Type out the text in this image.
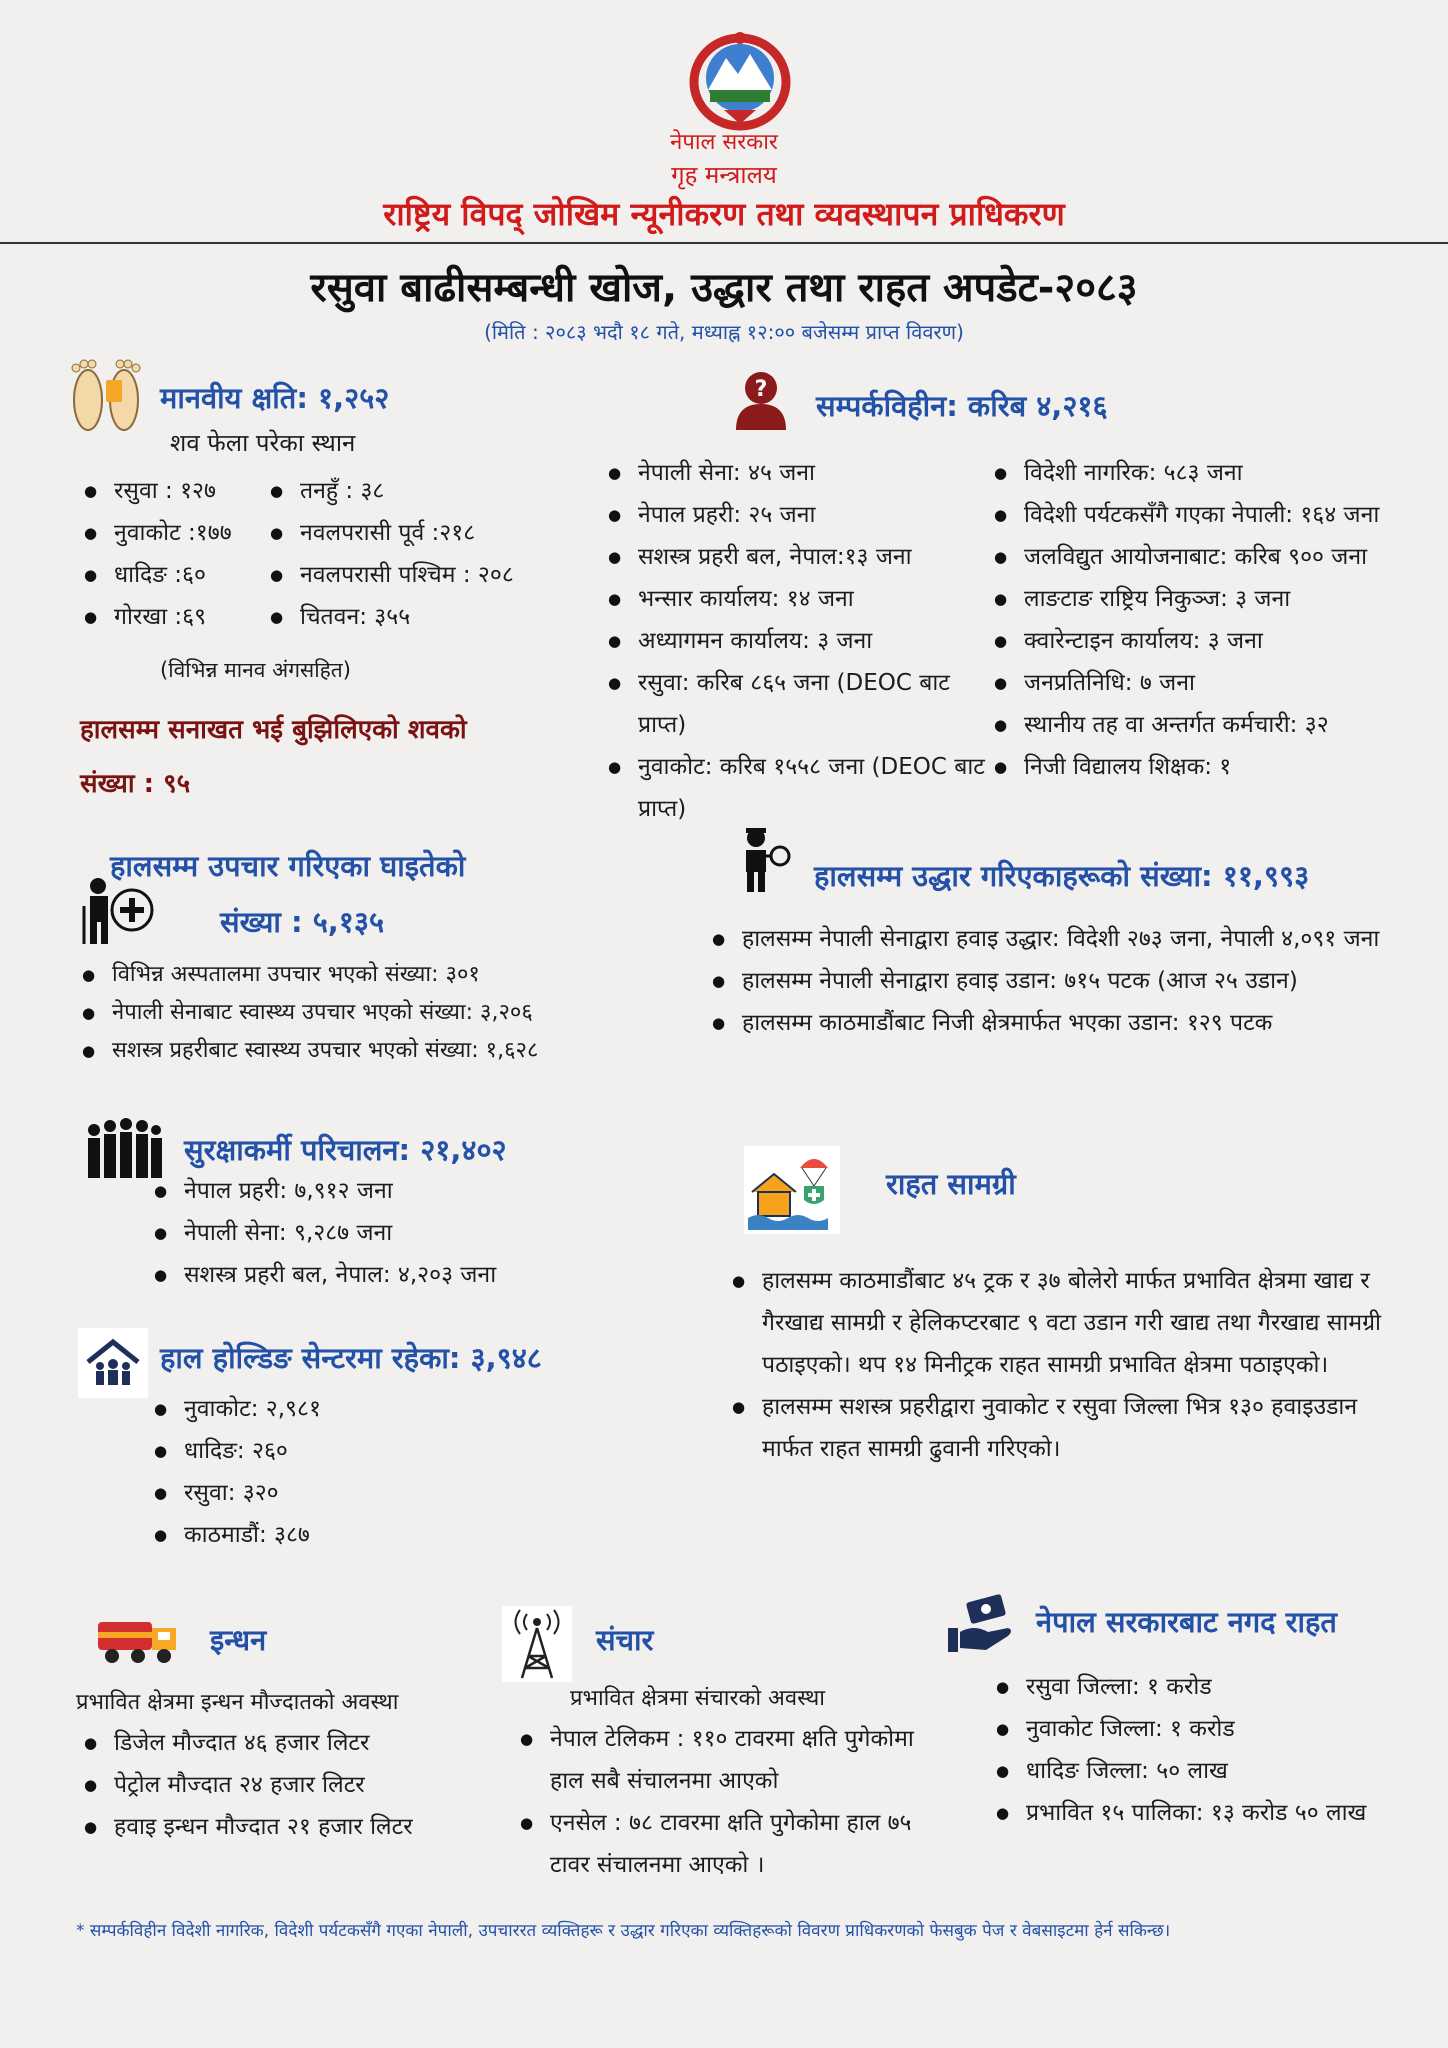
नेपाल सरकार
गृह मन्त्रालय
राष्ट्रिय विपद् जोखिम न्यूनीकरण तथा व्यवस्थापन प्राधिकरण
रसुवा बाढीसम्बन्धी खोज, उद्धार तथा राहत अपडेट-२०८३
(मिति : २०८३ भदौ १८ गते, मध्याह्न १२:०० बजेसम्म प्राप्त विवरण)
मानवीय क्षति: १,२५२
शव फेला परेका स्थान
● रसुवा : १२७
● नुवाकोट :१७७
● धादिङ :६०
● गोरखा :६९
● तनहुँ : ३८
● नवलपरासी पूर्व :२१८
● नवलपरासी पश्चिम : २०८
● चितवन: ३५५
(विभिन्न मानव अंगसहित)
हालसम्म सनाखत भई बुझिलिएको शवको
संख्या : ९५
? सम्पर्कविहीन: करिब ४,२१६
● नेपाली सेना: ४५ जना
● नेपाल प्रहरी: २५ जना
● सशस्त्र प्रहरी बल, नेपाल:१३ जना
● भन्सार कार्यालय: १४ जना
● अध्यागमन कार्यालय: ३ जना
● रसुवा: करिब ८६५ जना (DEOC बाट प्राप्त)
● नुवाकोट: करिब १५५८ जना (DEOC बाट प्राप्त)
● विदेशी नागरिक: ५८३ जना
● विदेशी पर्यटकसँगै गएका नेपाली: १६४ जना
● जलविद्युत आयोजनाबाट: करिब ९०० जना
● लाङटाङ राष्ट्रिय निकुञ्ज: ३ जना
● क्वारेन्टाइन कार्यालय: ३ जना
● जनप्रतिनिधि: ७ जना
● स्थानीय तह वा अन्तर्गत कर्मचारी: ३२
● निजी विद्यालय शिक्षक: १
हालसम्म उपचार गरिएका घाइतेको
संख्या : ५,१३५
● विभिन्न अस्पतालमा उपचार भएको संख्या: ३०१
● नेपाली सेनाबाट स्वास्थ्य उपचार भएको संख्या: ३,२०६
● सशस्त्र प्रहरीबाट स्वास्थ्य उपचार भएको संख्या: १,६२८
हालसम्म उद्धार गरिएकाहरूको संख्या: ११,९९३
● हालसम्म नेपाली सेनाद्वारा हवाइ उद्धार: विदेशी २७३ जना, नेपाली ४,०९१ जना
● हालसम्म नेपाली सेनाद्वारा हवाइ उडान: ७१५ पटक (आज २५ उडान)
● हालसम्म काठमाडौंबाट निजी क्षेत्रमार्फत भएका उडान: १२९ पटक
सुरक्षाकर्मी परिचालन: २१,४०२
● नेपाल प्रहरी: ७,९१२ जना
● नेपाली सेना: ९,२८७ जना
● सशस्त्र प्रहरी बल, नेपाल: ४,२०३ जना
हाल होल्डिङ सेन्टरमा रहेका: ३,९४८
● नुवाकोट: २,९८१
● धादिङ: २६०
● रसुवा: ३२०
● काठमाडौं: ३८७
राहत सामग्री
● हालसम्म काठमाडौंबाट ४५ ट्रक र ३७ बोलेरो मार्फत प्रभावित क्षेत्रमा खाद्य र गैरखाद्य सामग्री र हेलिकप्टरबाट ९ वटा उडान गरी खाद्य तथा गैरखाद्य सामग्री पठाइएको। थप १४ मिनीट्रक राहत सामग्री प्रभावित क्षेत्रमा पठाइएको।
● हालसम्म सशस्त्र प्रहरीद्वारा नुवाकोट र रसुवा जिल्ला भित्र १३० हवाइउडान मार्फत राहत सामग्री ढुवानी गरिएको।
इन्धन
प्रभावित क्षेत्रमा इन्धन मौज्दातको अवस्था
● डिजेल मौज्दात ४६ हजार लिटर
● पेट्रोल मौज्दात २४ हजार लिटर
● हवाइ इन्धन मौज्दात २१ हजार लिटर
संचार
प्रभावित क्षेत्रमा संचारको अवस्था
● नेपाल टेलिकम : ११० टावरमा क्षति पुगेकोमा हाल सबै संचालनमा आएको
● एनसेल : ७८ टावरमा क्षति पुगेकोमा हाल ७५ टावर संचालनमा आएको ।
नेपाल सरकारबाट नगद राहत
● रसुवा जिल्ला: १ करोड
● नुवाकोट जिल्ला: १ करोड
● धादिङ जिल्ला: ५० लाख
● प्रभावित १५ पालिका: १३ करोड ५० लाख
* सम्पर्कविहीन विदेशी नागरिक, विदेशी पर्यटकसँगै गएका नेपाली, उपचाररत व्यक्तिहरू र उद्धार गरिएका व्यक्तिहरूको विवरण प्राधिकरणको फेसबुक पेज र वेबसाइटमा हेर्न सकिन्छ।
